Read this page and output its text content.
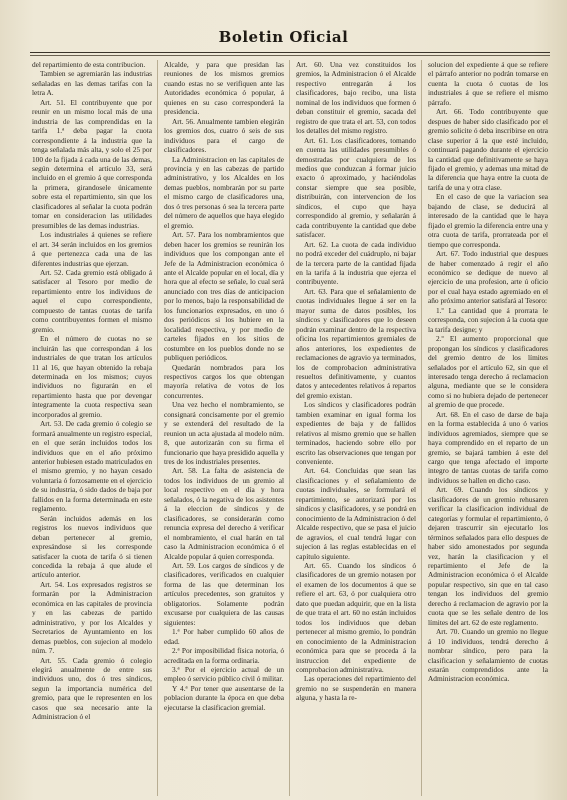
Boletin Oficial

del repartimiento de esta contribucion.

Tambien se agremiarán las industrias señaladas en las demas tarifas con la letra A.

Art. 51. El contribuyente que por reunir en un mismo local más de una industria de las comprendidas en la tarifa 1.ª deba pagar la cuota correspondiente á la industria que la tenga señalada más alta, y solo el 25 por 100 de la fijada á cada una de las demas, según determina el artículo 33, será incluido en el gremio á que corresponda la primera, girandosele únicamente sobre esta el repartimiento, sin que los clasificadores al señalar la cuota podrán tomar en consideracion las utilidades presumibles de las demas industrias.

Los industriales á quienes se refiere el art. 34 serán incluidos en los gremios á que pertenezca cada una de las diferentes industrias que ejerzan.

Art. 52. Cada gremio está obligado á satisfacer al Tesoro por medio de repartimiento entre los individuos de aquel el cupo correspondiente, compuesto de tantas cuotas de tarifa como contribuyentes formen el mismo gremio.

En el número de cuotas no se incluirán las que correspondan á los industriales de que tratan los artículos 11 al 16, que hayan obtenido la rebaja determinada en los mismos; cuyos individuos no figurarán en el repartimiento hasta que por devengar íntegramente la cuota respectiva sean incorporados al gremio.

Art. 53. De cada gremio ó colegio se formará anualmente un registro especial, en el que serán incluidos todos los individuos que en el año próximo anterior hubiesen estado matriculados en el mismo gremio, y no hayan cesado voluntaria ó forzosamente en el ejercicio de su industria, ó sido dados de baja por fallidos en la forma determinada en este reglamento.

Serán incluidos además en los registros los nuevos individuos que deban pertenecer al gremio, expresándose si les corresponde satisfacer la cuota de tarifa ó si tienen concedida la rebaja á que alude el artículo anterior.

Art. 54. Los expresados registros se formarán por la Administracion económica en las capitales de provincia y en las cabezas de partido administrativo, y por los Alcaldes y Secretarios de Ayuntamiento en los demas pueblos, con sujecion al modelo núm. 7.

Art. 55. Cada gremio ó colegio elegirá anualmente de entre sus individuos uno, dos ó tres síndicos, segun la importancia numérica del gremio, para que le representen en los casos que sea necesario ante la Administracion ó el

Alcalde, y para que presidan las reuniones de los mismos gremios cuando estas no se verifiquen ante las Autoridades económica ó popular, á quienes en su caso corresponderá la presidencia.

Art. 56. Anualmente tambien elegirán los gremios dos, cuatro ó seis de sus individuos para el cargo de clasificadores.

La Administracion en las capitales de provincia y en las cabezas de partido administrativo, y los Alcaldes en los demas pueblos, nombrarán por su parte el mismo cargo de clasificadores una, dos ó tres personas ó sea la tercera parte del número de aquellos que haya elegido el gremio.

Art. 57. Para los nombramientos que deben hacer los gremios se reunirán los individuos que los compongan ante el Jefe de la Administracion económica ó ante el Alcalde popular en el local, día y hora que al efecto se señale, lo cual será anunciado con tres días de anticipacion por lo menos, bajo la responsabilidad de los funcionarios expresados, en uno ó dos periódicos si los hubiere en la localidad respectiva, y por medio de carteles fijados en los sitios de costumbre en los pueblos donde no se publiquen periódicos.

Quedarán nombrados para los respectivos cargos los que obtengan mayoría relativa de votos de los concurrentes.

Una vez hecho el nombramiento, se consignará concisamente por el gremio y se extenderá del resultado de la reunion un acta ajustada al modelo núm. 8, que autorizarán con su firma el funcionario que haya presidido aquella y tres de los industriales presentes.

Art. 58. La falta de asistencia de todos los individuos de un gremio al local respectivo en el día y hora señalados, ó la negativa de los asistentes á la eleccion de síndicos y de clasificadores, se considerarán como renuncia expresa del derecho á verificar el nombramiento, el cual harán en tal caso la Administracion económica ó el Alcalde popular á quien corresponda.

Art. 59. Los cargos de síndicos y de clasificadores, verificados en cualquier forma de las que determinan los artículos precedentes, son gratuitos y obligatorios. Solamente podrán excusarse por cualquiera de las causas siguientes:

1.ª Por haber cumplido 60 años de edad.

2.ª Por imposibilidad física notoria, ó acreditada en la forma ordinaria.

3.ª Por el ejercicio actual de un empleo ó servicio público civil ó militar.

Y 4.ª Por tener que ausentarse de la poblacion durante la época en que deba ejecutarse la clasificacion gremial.

Art. 60. Una vez constituidos los gremios, la Administracion ó el Alcalde respectivo entregarán á los clasificadores, bajo recibo, una lista nominal de los individuos que formen ó deban constituir el gremio, sacada del registro de que trata el art. 53, con todos los detalles del mismo registro.

Art. 61. Los clasificadores, tomando en cuenta las utilidades presumibles ó demostradas por cualquiera de los medios que conduzcan á formar juicio exacto ó aproximado, y haciéndolas constar siempre que sea posible, distribuirán, con intervencion de los síndicos, el cupo que haya correspondido al gremio, y señalarán á cada contribuyente la cantidad que debe satisfacer.

Art. 62. La cuota de cada individuo no podrá exceder del cuádruplo, ni bajar de la tercera parte de la cantidad fijada en la tarifa á la industria que ejerza el contribuyente.

Art. 63. Para que el señalamiento de cuotas individuales llegue á ser en la mayor suma de datos posibles, los síndicos y clasificadores que lo deseen podrán examinar dentro de la respectiva oficina los repartimientos gremiales de años anteriores, los expedientes de reclamaciones de agravio ya terminados, los de comprobacion administrativa resueltos definitivamente, y cuantos datos y antecedentes relativos á repartos del gremio existan.

Los síndicos y clasificadores podrán tambien examinar en igual forma los expedientes de baja y de fallidos relativos al mismo gremio que se hallen terminados, haciendo sobre ello por escrito las observaciones que tengan por conveniente.

Art. 64. Concluidas que sean las clasificaciones y el señalamiento de cuotas individuales, se formulará el repartimiento, se autorizará por los síndicos y clasificadores, y se pondrá en conocimiento de la Administracion ó del Alcalde respectivo, que se pasa el juicio de agravios, el cual tendrá lugar con sujecion á las reglas establecidas en el capítulo siguiente.

Art. 65. Cuando los síndicos ó clasificadores de un gremio notasen por el examen de los documentos á que se refiere el art. 63, ó por cualquiera otro dato que puedan adquirir, que en la lista de que trata el art. 60 no están incluidos todos los individuos que deban pertenecer al mismo gremio, lo pondrán en conocimiento de la Administracion económica para que se proceda á la instruccion del expediente de comprobacion administrativa.

Las operaciones del repartimiento del gremio no se suspenderán en manera alguna, y hasta la re-

solucion del expediente á que se refiere el párrafo anterior no podrán tomarse en cuenta la cuota ó cuotas de los industriales á que se refiere el mismo párrafo.

Art. 66. Todo contribuyente que despues de haber sido clasificado por el gremio solicite ó deba inscribirse en otra clase superior á la que esté incluido, continuará pagando durante el ejercicio la cantidad que definitivamente se haya fijado el gremio, y ademas una mitad de la diferencia que haya entre la cuota de tarifa de una y otra clase.

En el caso de que la variacion sea bajando de clase, se deducirá al interesado de la cantidad que le haya fijado el gremio la diferencia entre una y otra cuota de tarifa, prorrateada por el tiempo que corresponda.

Art. 67. Todo industrial que despues de haber comenzado á regir el año económico se dedique de nuevo al ejercicio de una profesion, arte ú oficio por el cual haya estado agremiado en el año próximo anterior satisfará al Tesoro:

1.º La cantidad que á prorrata le corresponda, con sujecion á la cuota que la tarifa designe; y

2.º El aumento proporcional que propongan los síndicos y clasificadores del gremio dentro de los límites señalados por el artículo 62, sin que el interesado tenga derecho á reclamacion alguna, mediante que se le considera como si no hubiera dejado de pertenecer al gremio de que procede.

Art. 68. En el caso de darse de baja en la forma establecida á uno ó varios individuos agremiados, siempre que se haya comprendido en el reparto de un gremio, se bajará tambien á este del cargo que tenga afectado el importe integro de tantas cuotas de tarifa como individuos se hallen en dicho caso.

Art. 69. Cuando los síndicos y clasificadores de un gremio rehusaren verificar la clasificacion individual de categorías y formular el repartimiento, ó dejaren trascurrir sin ejecutarlo los términos señalados para ello despues de haber sido amonestados por segunda vez, harán la clasificacion y el repartimiento el Jefe de la Administracion económica ó el Alcalde popular respectivo, sin que en tal caso tengan los individuos del gremio derecho á reclamacion de agravio por la cuota que se les señale dentro de los límites del art. 62 de este reglamento.

Art. 70. Cuando un gremio no llegue á 10 individuos, tendrá derecho á nombrar síndico, pero para la clasificacion y señalamiento de cuotas estarán comprendidos ante la Administracion económica.
